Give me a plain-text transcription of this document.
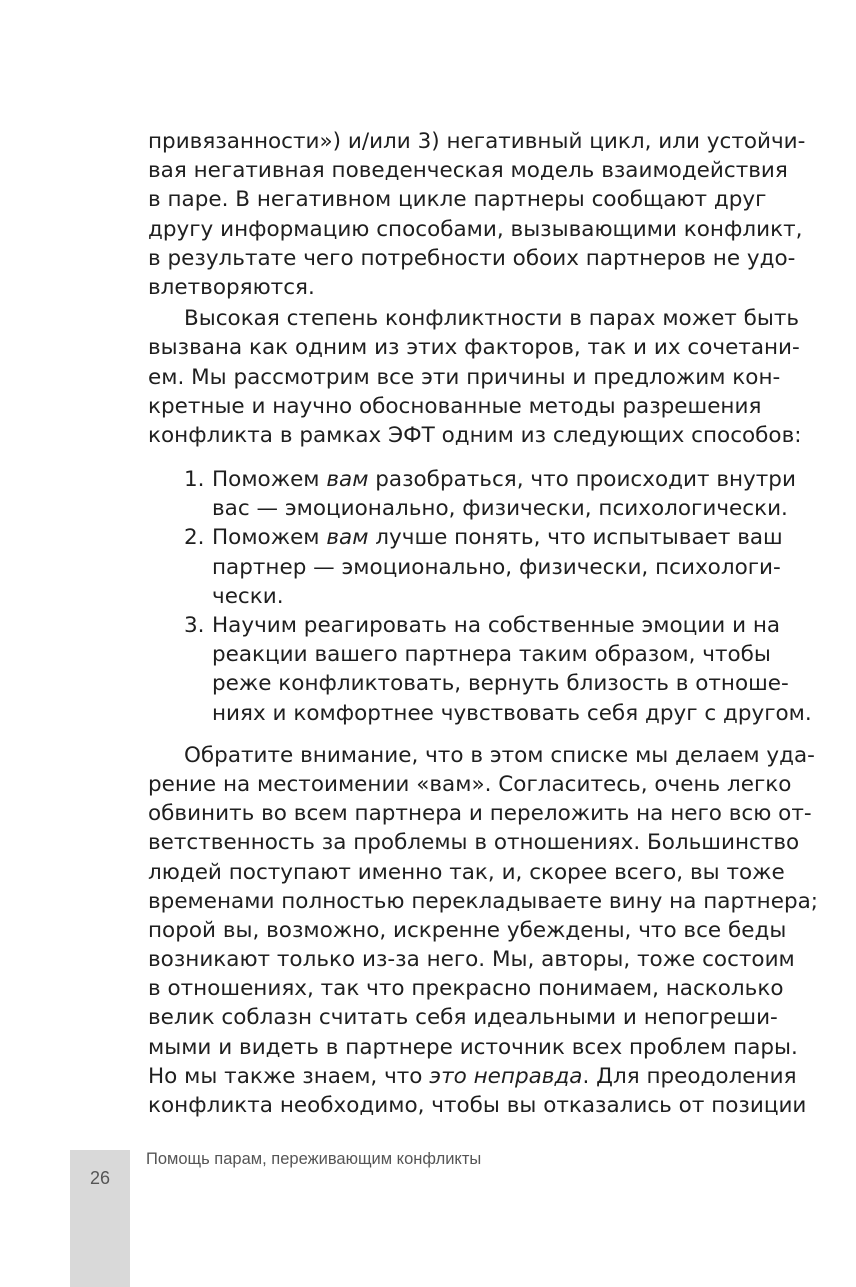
привязанности») и/или 3) негативный цикл, или устойчи-
вая негативная поведенческая модель взаимодействия
в паре. В негативном цикле партнеры сообщают друг
другу информацию способами, вызывающими конфликт,
в результате чего потребности обоих партнеров не удо-
влетворяются.
Высокая степень конфликтности в парах может быть
вызвана как одним из этих факторов, так и их сочетани-
ем. Мы рассмотрим все эти причины и предложим кон-
кретные и научно обоснованные методы разрешения
конфликта в рамках ЭФТ одним из следующих способов:
1. Поможем вам разобраться, что происходит внутри
вас — эмоционально, физически, психологически.
2. Поможем вам лучше понять, что испытывает ваш
партнер — эмоционально, физически, психологи-
чески.
3. Научим реагировать на собственные эмоции и на
реакции вашего партнера таким образом, чтобы
реже конфликтовать, вернуть близость в отноше-
ниях и комфортнее чувствовать себя друг с другом.
Обратите внимание, что в этом списке мы делаем уда-
рение на местоимении «вам». Согласитесь, очень легко
обвинить во всем партнера и переложить на него всю от-
ветственность за проблемы в отношениях. Большинство
людей поступают именно так, и, скорее всего, вы тоже
временами полностью перекладываете вину на партнера;
порой вы, возможно, искренне убеждены, что все беды
возникают только из-за него. Мы, авторы, тоже состоим
в отношениях, так что прекрасно понимаем, насколько
велик соблазн считать себя идеальными и непогреши-
мыми и видеть в партнере источник всех проблем пары.
Но мы также знаем, что это неправда. Для преодоления
конфликта необходимо, чтобы вы отказались от позиции
26
Помощь парам, переживающим конфликты
